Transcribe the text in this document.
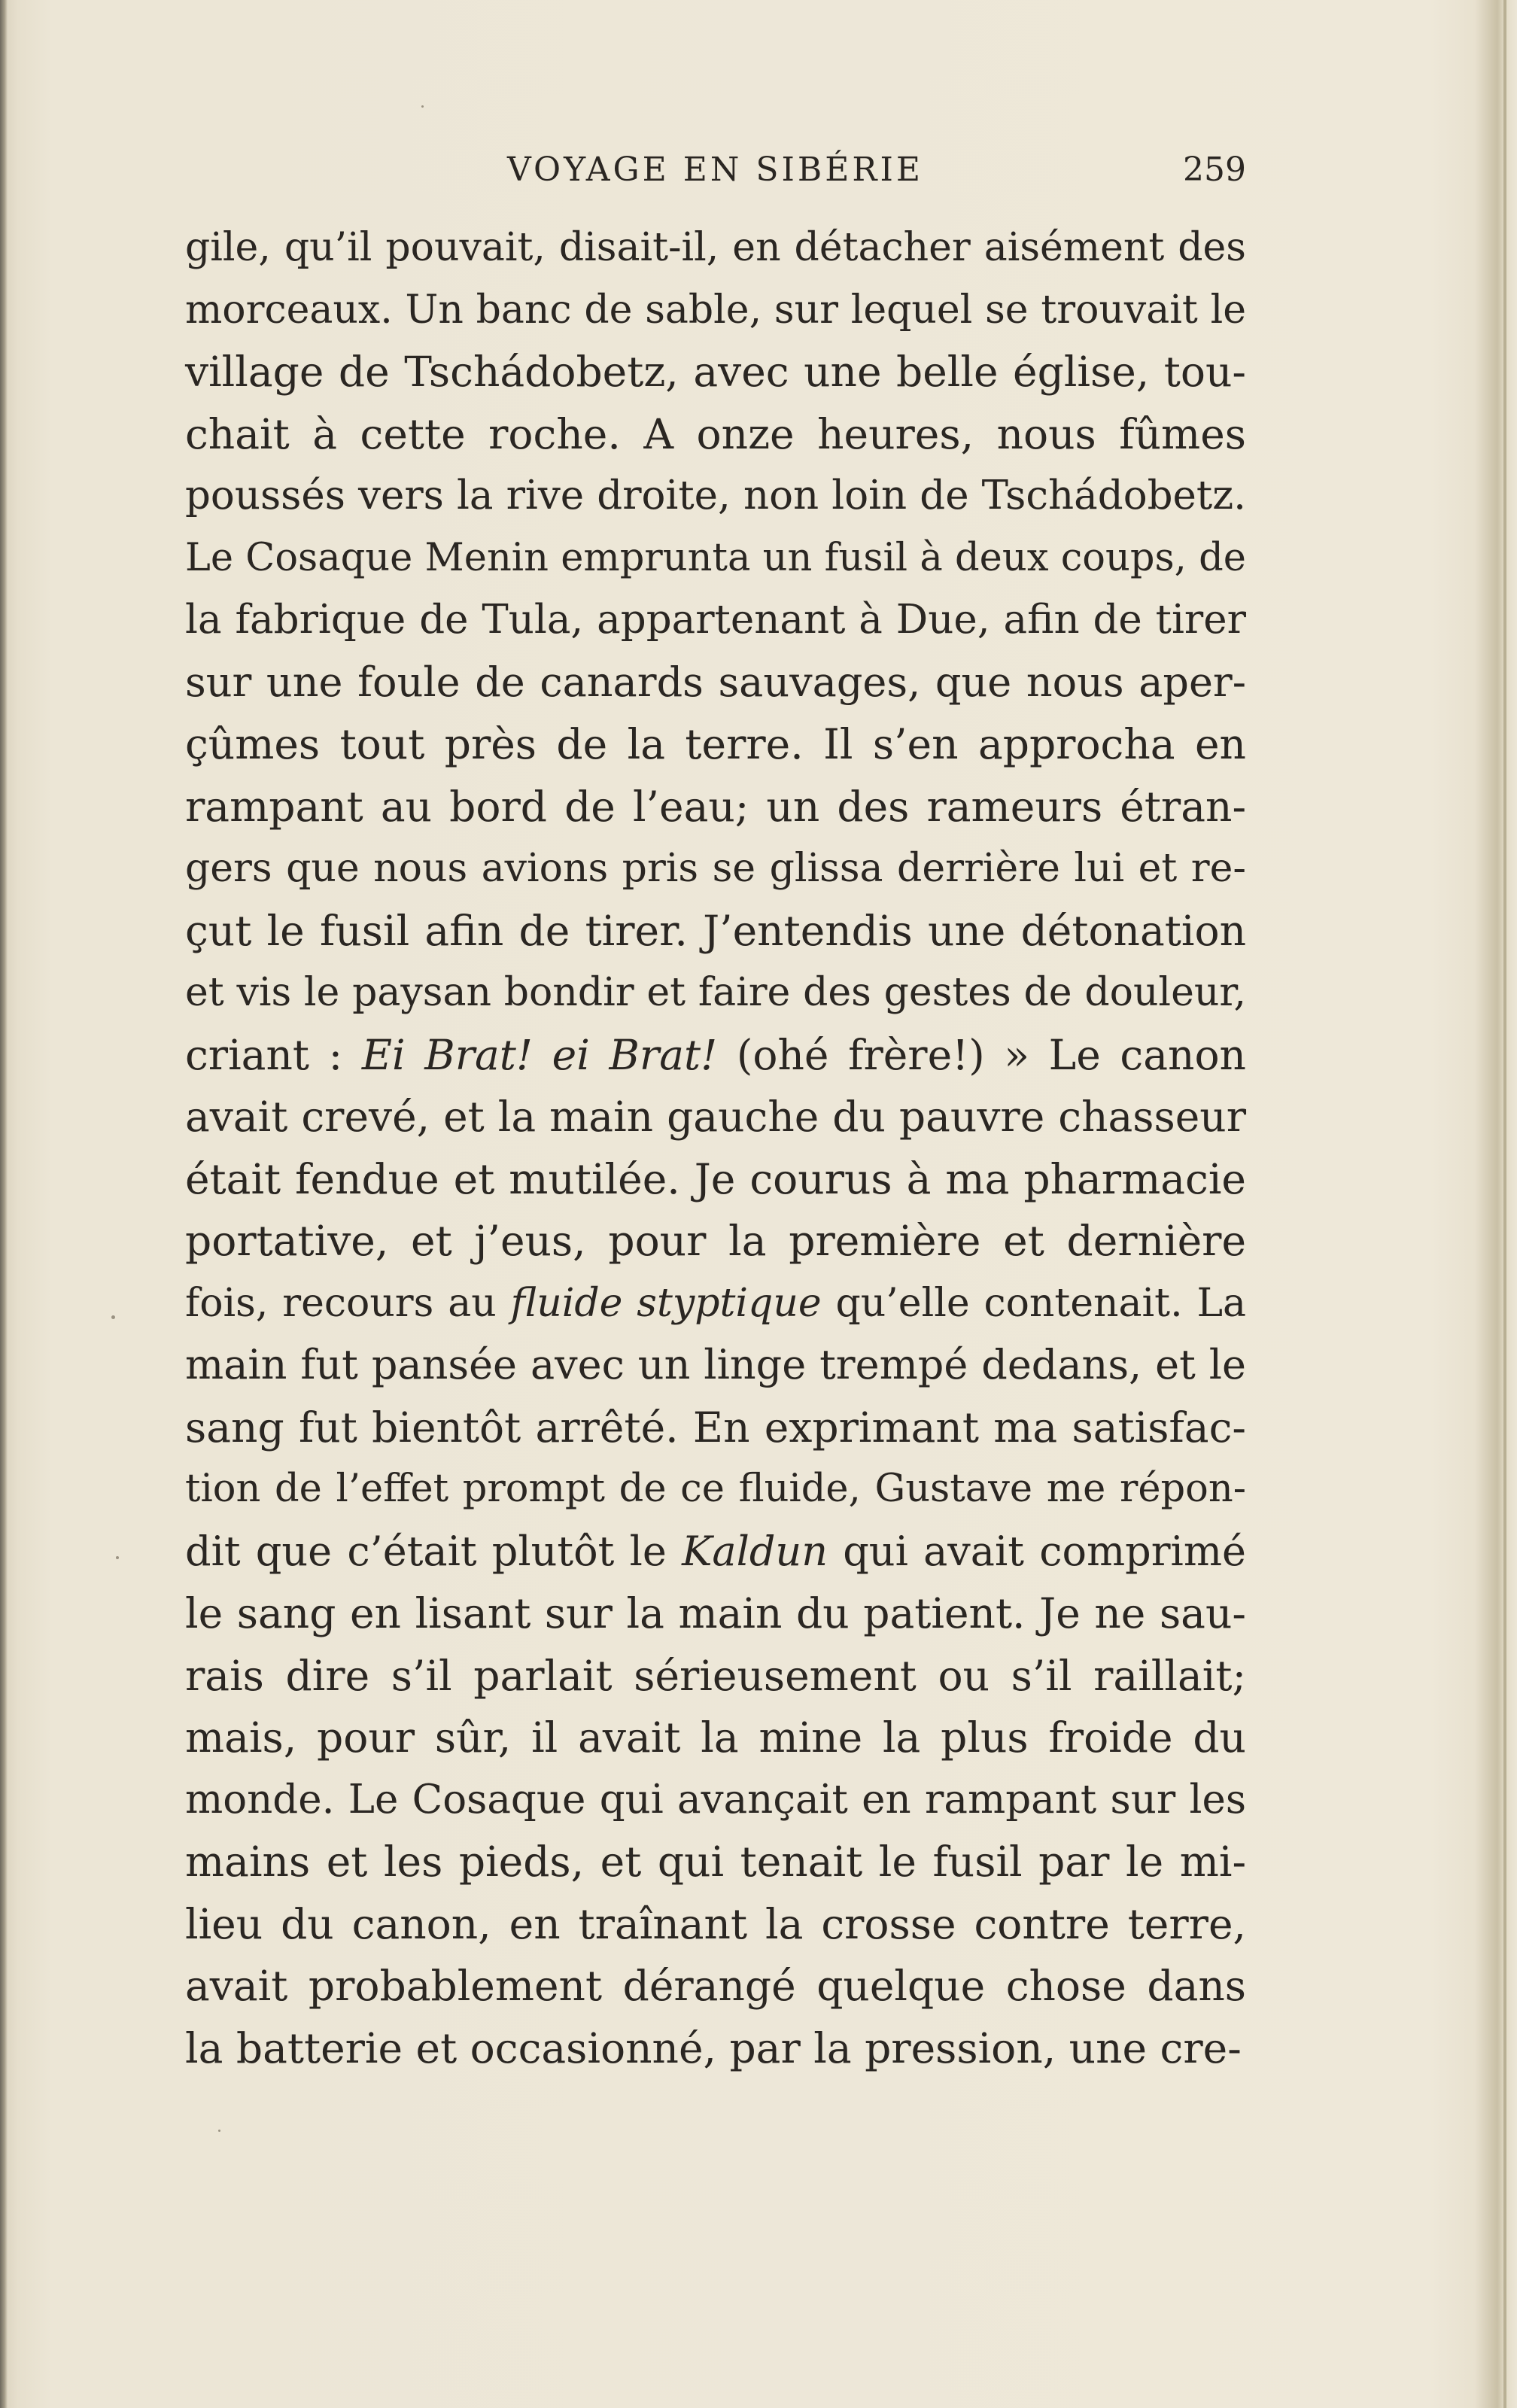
VOYAGE EN SIBÉRIE	259
gile, qu’il pouvait, disait-il, en détacher aisément des
morceaux. Un banc de sable, sur lequel se trouvait le
village de Tschádobetz, avec une belle église, tou-
chait à cette roche. A onze heures, nous fûmes
poussés vers la rive droite, non loin de Tschádobetz.
Le Cosaque Menin emprunta un fusil à deux coups, de
la fabrique de Tula, appartenant à Due, afin de tirer
sur une foule de canards sauvages, que nous aper-
çûmes tout près de la terre. Il s’en approcha en
rampant au bord de l’eau; un des rameurs étran-
gers que nous avions pris se glissa derrière lui et re-
çut le fusil afin de tirer. J’entendis une détonation
et vis le paysan bondir et faire des gestes de douleur,
criant : Ei Brat! ei Brat! (ohé frère!) » Le canon
avait crevé, et la main gauche du pauvre chasseur
était fendue et mutilée. Je courus à ma pharmacie
portative, et j’eus, pour la première et dernière
fois, recours au fluide styptique qu’elle contenait. La
main fut pansée avec un linge trempé dedans, et le
sang fut bientôt arrêté. En exprimant ma satisfac-
tion de l’effet prompt de ce fluide, Gustave me répon-
dit que c’était plutôt le Kaldun qui avait comprimé
le sang en lisant sur la main du patient. Je ne sau-
rais dire s’il parlait sérieusement ou s’il raillait;
mais, pour sûr, il avait la mine la plus froide du
monde. Le Cosaque qui avançait en rampant sur les
mains et les pieds, et qui tenait le fusil par le mi-
lieu du canon, en traînant la crosse contre terre,
avait probablement dérangé quelque chose dans
la batterie et occasionné, par la pression, une cre-
